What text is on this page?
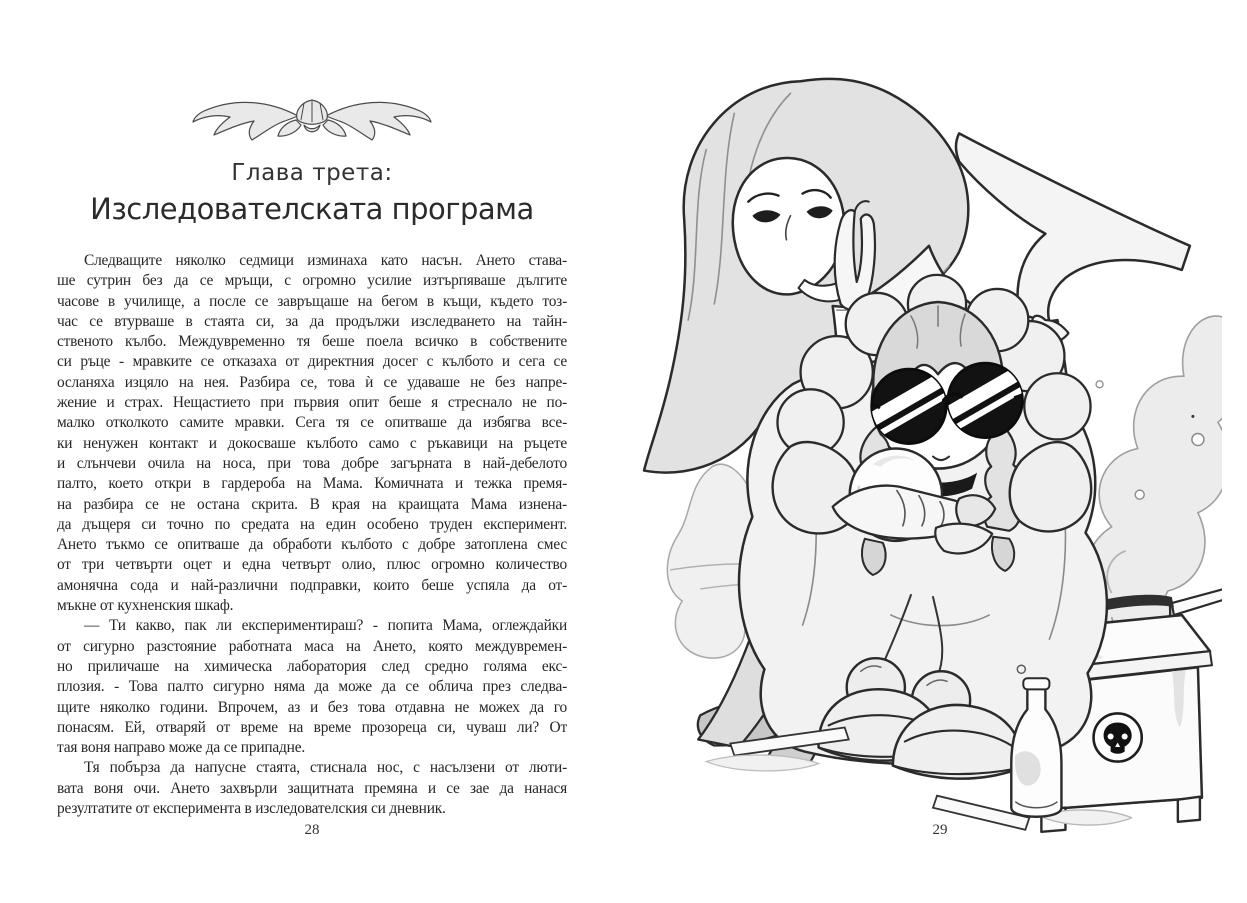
Глава трета:
Изследователската програма
Следващите няколко седмици изминаха като насън. Ането става-
ше сутрин без да се мръщи, с огромно усилие изтърпяваше дългите
часове в училище, а после се завръщаше на бегом в къщи, където тоз-
час се втурваше в стаята си, за да продължи изследването на тайн-
ственото кълбо. Междувременно тя беше поела всичко в собствените
си ръце - мравките се отказаха от директния досег с кълбото и сега се
осланяха изцяло на нея. Разбира се, това ѝ се удаваше не без напре-
жение и страх. Нещастието при първия опит беше я стреснало не по-
малко отколкото самите мравки. Сега тя се опитваше да избягва все-
ки ненужен контакт и докосваше кълбото само с ръкавици на ръцете
и слънчеви очила на носа, при това добре загърната в най-дебелото
палто, което откри в гардероба на Мама. Комичната и тежка премя-
на разбира се не остана скрита. В края на краищата Мама изнена-
да дъщеря си точно по средата на един особено труден експеримент.
Ането тъкмо се опитваше да обработи кълбото с добре затоплена смес
от три четвърти оцет и една четвърт олио, плюс огромно количество
амонячна сода и най-различни подправки, които беше успяла да от-
мъкне от кухненския шкаф.
— Ти какво, пак ли експериментираш? - попита Мама, оглеждайки
от сигурно разстояние работната маса на Ането, която междувремен-
но приличаше на химическа лаборатория след средно голяма екс-
плозия. - Това палто сигурно няма да може да се облича през следва-
щите няколко години. Впрочем, аз и без това отдавна не можех да го
понасям. Ей, отваряй от време на време прозореца си, чуваш ли? От
тая воня направо може да се припадне.
Тя побърза да напусне стаята, стиснала нос, с насълзени от люти-
вата воня очи. Ането захвърли защитната премяна и се зае да нанася
резултатите от експеримента в изследователския си дневник.
28	29
